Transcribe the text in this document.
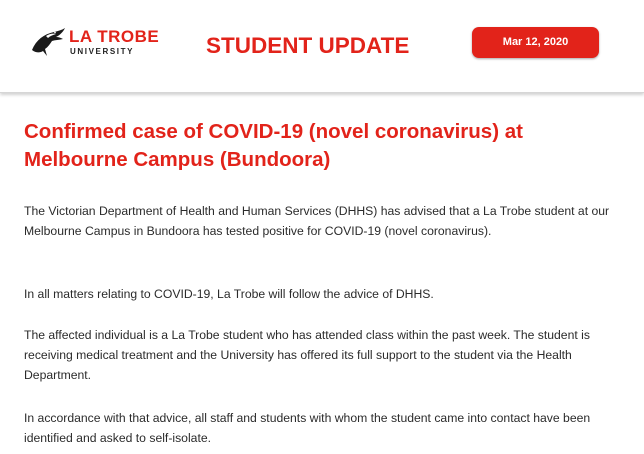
LA TROBE
UNIVERSITY	STUDENT UPDATE	Mar 12, 2020
Confirmed case of COVID-19 (novel coronavirus) at Melbourne Campus (Bundoora)

The Victorian Department of Health and Human Services (DHHS) has advised that a La Trobe student at our Melbourne Campus in Bundoora has tested positive for COVID-19 (novel coronavirus).

In all matters relating to COVID-19, La Trobe will follow the advice of DHHS.

The affected individual is a La Trobe student who has attended class within the past week. The student is receiving medical treatment and the University has offered its full support to the student via the Health Department.

In accordance with that advice, all staff and students with whom the student came into contact have been identified and asked to self-isolate.
